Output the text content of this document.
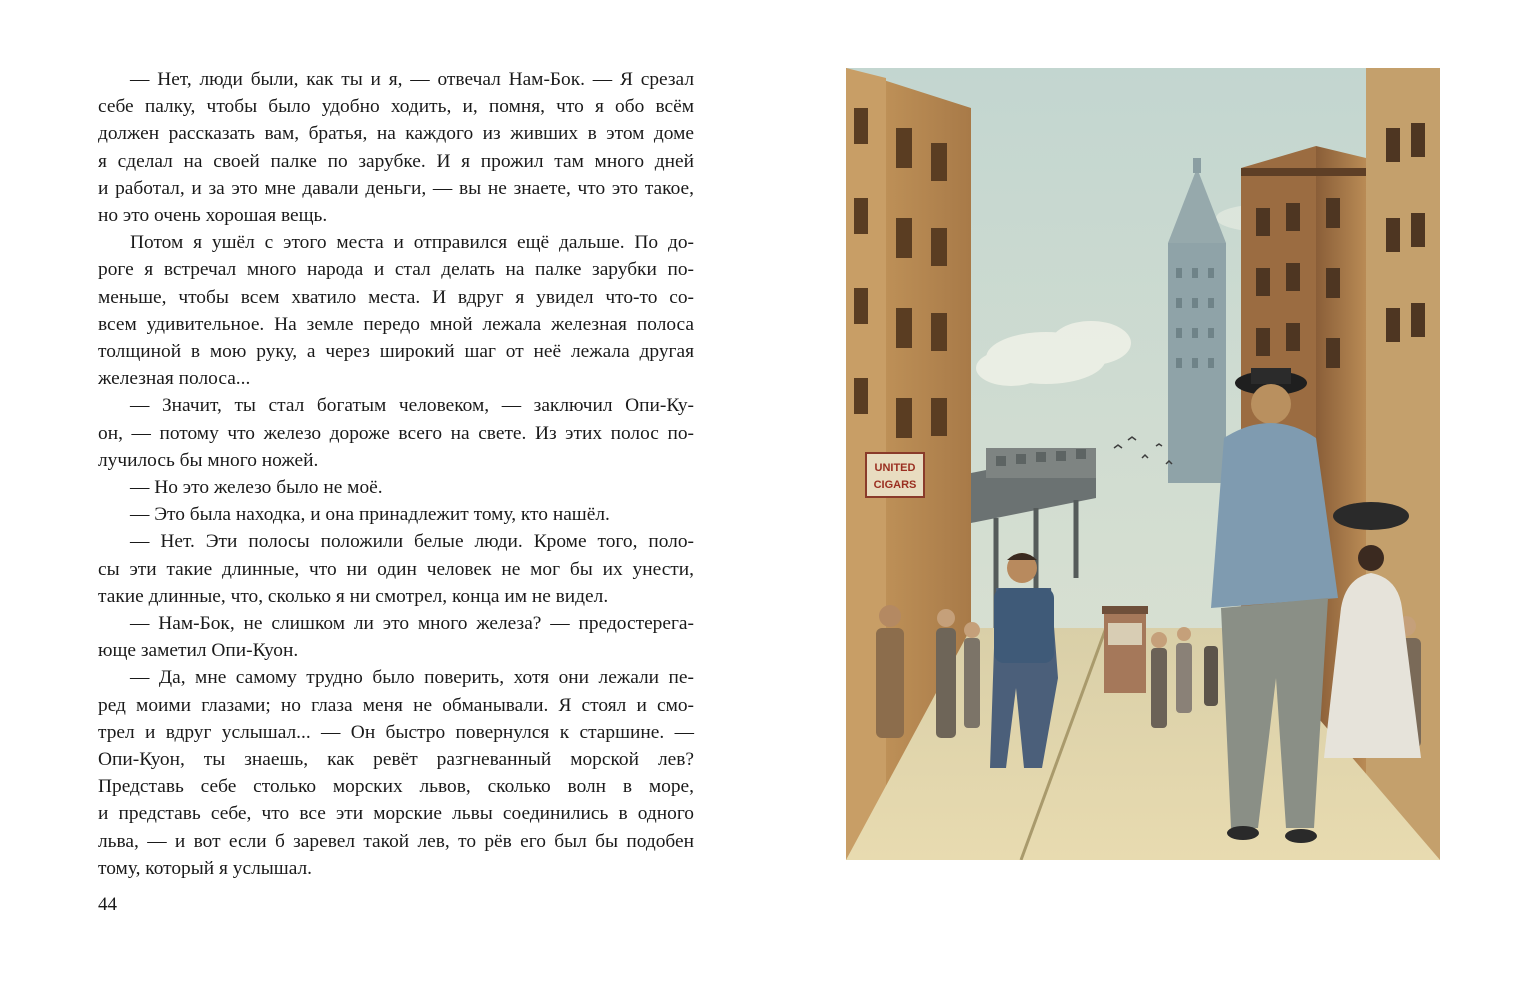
— Нет, люди были, как ты и я, — отвечал Нам-Бок. — Я срезал
себе палку, чтобы было удобно ходить, и, помня, что я обо всём
должен рассказать вам, братья, на каждого из живших в этом доме
я сделал на своей палке по зарубке. И я прожил там много дней
и работал, и за это мне давали деньги, — вы не знаете, что это такое,
но это очень хорошая вещь.

Потом я ушёл с этого места и отправился ещё дальше. По до-
роге я встречал много народа и стал делать на палке зарубки по-
меньше, чтобы всем хватило места. И вдруг я увидел что-то со-
всем удивительное. На земле передо мной лежала железная полоса
толщиной в мою руку, а через широкий шаг от неё лежала другая
железная полоса...

— Значит, ты стал богатым человеком, — заключил Опи-Ку-
он, — потому что железо дороже всего на свете. Из этих полос по-
лучилось бы много ножей.

— Но это железо было не моё.

— Это была находка, и она принадлежит тому, кто нашёл.

— Нет. Эти полосы положили белые люди. Кроме того, поло-
сы эти такие длинные, что ни один человек не мог бы их унести,
такие длинные, что, сколько я ни смотрел, конца им не видел.

— Нам-Бок, не слишком ли это много железа? — предостерега-
юще заметил Опи-Куон.

— Да, мне самому трудно было поверить, хотя они лежали пе-
ред моими глазами; но глаза меня не обманывали. Я стоял и смо-
трел и вдруг услышал... — Он быстро повернулся к старшине. —
Опи-Куон, ты знаешь, как ревёт разгневанный морской лев?
Представь себе столько морских львов, сколько волн в море,
и представь себе, что все эти морские львы соединились в одного
льва, — и вот если б заревел такой лев, то рёв его был бы подобен
тому, который я услышал.

44
UNITED
CIGARS
